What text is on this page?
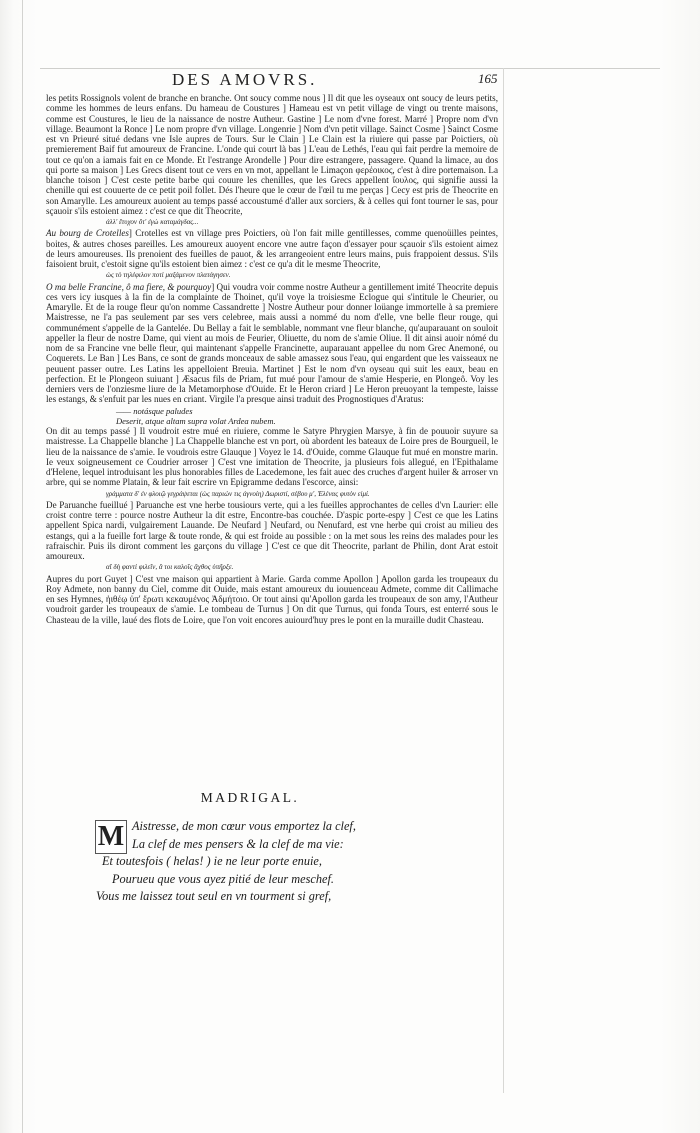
DES AMOVRS.	165

les petits Rossignols volent de branche en branche. Ont soucy comme nous ] Il dit que les oyseaux ont soucy de leurs petits, comme les hommes de leurs enfans. Du hameau de Coustures ] Hameau est vn petit village de vingt ou trente maisons, comme est Coustures, le lieu de la naissance de nostre Autheur. Gastine ] Le nom d'vne forest. Marré ] Propre nom d'vn village. Beaumont la Ronce ] Le nom propre d'vn village. Longenrie ] Nom d'vn petit village. Sainct Cosme ] Sainct Cosme est vn Prieuré situé dedans vne Isle aupres de Tours. Sur le Clain ] Le Clain est la riuiere qui passe par Poictiers, où premierement Baif fut amoureux de Francine. L'onde qui court là bas ] L'eau de Lethés, l'eau qui fait perdre la memoire de tout ce qu'on a iamais fait en ce Monde. Et l'estrange Arondelle ] Pour dire estrangere, passagere. Quand la limace, au dos qui porte sa maison ] Les Grecs disent tout ce vers en vn mot, appellant le Limaçon φερέοικος, c'est à dire portemaison. La blanche toison ] C'est ceste petite barbe qui couure les chenilles, que les Grecs appellent ἴουλος, qui signifie aussi la chenille qui est couuerte de ce petit poil follet. Dés l'heure que le cœur de l'œil tu me perças ] Cecy est pris de Theocrite en son Amarylle. Les amoureux auoient au temps passé accoustumé d'aller aux sorciers, & à celles qui font tourner le sas, pour sçauoir s'ils estoient aimez : c'est ce que dit Theocrite,

ἀλλ' ἔτυχον ὅτ' ἐγὼ καταμάγδας...

Au bourg de Crotelles] Crotelles est vn village pres Poictiers, où l'on fait mille gentillesses, comme quenoüilles peintes, boites, & autres choses pareilles. Les amoureux auoyent encore vne autre façon d'essayer pour sçauoir s'ils estoient aimez de leurs amoureuses. Ils prenoient des fueilles de pauot, & les arrangeoient entre leurs mains, puis frappoient dessus. S'ils faisoient bruit, c'estoit signe qu'ils estoient bien aimez : c'est ce qu'a dit le mesme Theocrite,

ὡς τὸ τηλέφιλον ποτὶ μαξάμενον πλατάγησεν.

O ma belle Francine, ô ma fiere, & pourquoy] Qui voudra voir comme nostre Autheur a gentillement imité Theocrite depuis ces vers icy iusques à la fin de la complainte de Thoinet, qu'il voye la troisiesme Eclogue qui s'intitule le Cheurier, ou Amarylle. Et de la rouge fleur qu'on nomme Cassandrette ] Nostre Autheur pour donner loüange immortelle à sa premiere Maistresse, ne l'a pas seulement par ses vers celebree, mais aussi a nommé du nom d'elle, vne belle fleur rouge, qui communément s'appelle de la Gantelée. Du Bellay a fait le semblable, nommant vne fleur blanche, qu'auparauant on souloit appeller la fleur de nostre Dame, qui vient au mois de Feurier, Oliuette, du nom de s'amie Oliue. Il dit ainsi auoir nómé du nom de sa Francine vne belle fleur, qui maintenant s'appelle Francinette, auparauant appellee du nom Grec Anemoné, ou Coquerets. Le Ban ] Les Bans, ce sont de grands monceaux de sable amassez sous l'eau, qui engardent que les vaisseaux ne peuuent passer outre. Les Latins les appelloient Breuia. Martinet ] Est le nom d'vn oyseau qui suit les eaux, beau en perfection. Et le Plongeon suiuant ] Æsacus fils de Priam, fut mué pour l'amour de s'amie Hesperie, en Plongeô. Voy les derniers vers de l'onziesme liure de la Metamorphose d'Ouide. Et le Heron criard ] Le Heron preuoyant la tempeste, laisse les estangs, & s'enfuit par les nues en criant. Virgile l'a presque ainsi traduit des Prognostiques d'Aratus:

—— notásque paludes
Deserit, atque altam supra volat Ardea nubem.

On dit au temps passé ] Il voudroit estre mué en riuiere, comme le Satyre Phrygien Marsye, à fin de pouuoir suyure sa maistresse. La Chappelle blanche ] La Chappelle blanche est vn port, où abordent les bateaux de Loire pres de Bourgueil, le lieu de la naissance de s'amie. Ie voudrois estre Glauque ] Voyez le 14. d'Ouide, comme Glauque fut mué en monstre marin. Ie veux soigneusement ce Coudrier arroser ] C'est vne imitation de Theocrite, ja plusieurs fois allegué, en l'Epithalame d'Helene, lequel introduisant les plus honorables filles de Lacedemone, les fait auec des cruches d'argent huiler & arroser vn arbre, qui se nomme Platain, & leur fait escrire vn Epigramme dedans l'escorce, ainsi:

γράμματα δ' ἐν φλοιῷ γεγράψεται (ὡς παριών τις ἀγνοίη) Δωριστί, σέβου μ', Ἑλένας φυτὸν εἰμί.

De Paruanche fueillué ] Paruanche est vne herbe tousiours verte, qui a les fueilles approchantes de celles d'vn Laurier: elle croist contre terre : pource nostre Autheur la dit estre, Encontre-bas couchée. D'aspic porte-espy ] C'est ce que les Latins appellent Spica nardi, vulgairement Lauande. De Neufard ] Neufard, ou Nenufard, est vne herbe qui croist au milieu des estangs, qui a la fueille fort large & toute ronde, & qui est froide au possible : on la met sous les reins des malades pour les rafraischir. Puis ils diront comment les garçons du village ] C'est ce que dit Theocrite, parlant de Philin, dont Arat estoit amoureux.

αἳ δὴ φαντὶ φιλεῖν, ἃ τοι καλοῖς ἄχθος ὑπῆρξε.

Aupres du port Guyet ] C'est vne maison qui appartient à Marie. Garda comme Apollon ] Apollon garda les troupeaux du Roy Admete, non banny du Ciel, comme dit Ouide, mais estant amoureux du iouuenceau Admete, comme dit Callimache en ses Hymnes, ἠιθέῳ ὑπ' ἔρωτι κεκαυμένος Ἀδμήτοιο. Or tout ainsi qu'Apollon garda les troupeaux de son amy, l'Autheur voudroit garder les troupeaux de s'amie. Le tombeau de Turnus ] On dit que Turnus, qui fonda Tours, est enterré sous le Chasteau de la ville, laué des flots de Loire, que l'on voit encores auiourd'huy pres le pont en la muraille dudit Chasteau.

MADRIGAL.
M Aistresse, de mon cœur vous emportez la clef,
La clef de mes pensers & la clef de ma vie:
Et toutesfois ( helas! ) ie ne leur porte enuie,
Pourueu que vous ayez pitié de leur meschef.
Vous me laissez tout seul en vn tourment si gref,
